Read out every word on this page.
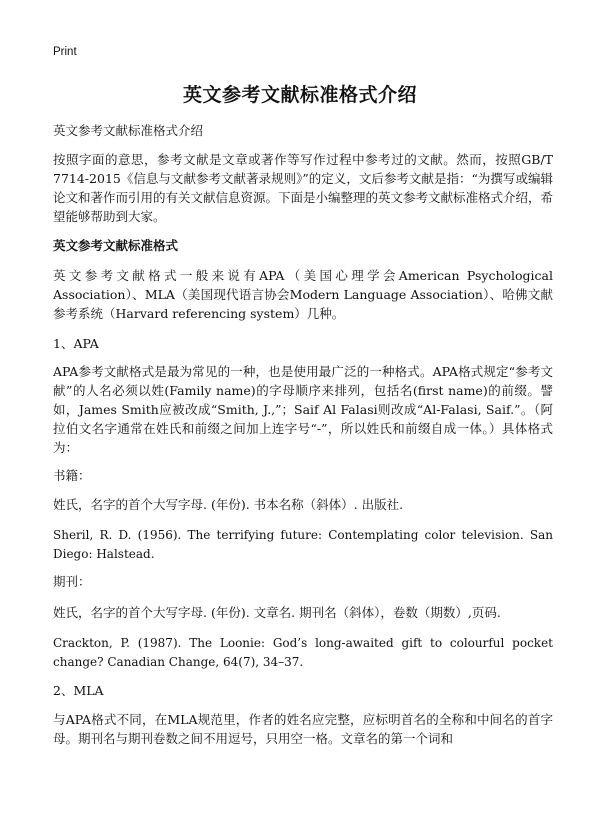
Print
英文参考文献标准格式介绍

英文参考文献标准格式介绍

按照字面的意思，参考文献是文章或著作等写作过程中参考过的文献。然而，按照GB/T 7714-2015《信息与文献参考文献著录规则》”的定义，文后参考文献是指：“为撰写或编辑论文和著作而引用的有关文献信息资源。下面是小编整理的英文参考文献标准格式介绍，希望能够帮助到大家。

英文参考文献标准格式

英文参考文献格式一般来说有APA（美国心理学会American Psychological Association）、MLA（美国现代语言协会Modern Language Association）、哈佛文献参考系统（Harvard referencing system）几种。

1、APA

APA参考文献格式是最为常见的一种，也是使用最广泛的一种格式。APA格式规定“参考文献”的人名必须以姓(Family name)的字母顺序来排列，包括名(first name)的前缀。譬如，James Smith应被改成“Smith, J.,”；Saif Al Falasi则改成“Al-Falasi, Saif.”。（阿拉伯文名字通常在姓氏和前缀之间加上连字号“-”，所以姓氏和前缀自成一体。）具体格式为：

书籍：

姓氏，名字的首个大写字母. (年份). 书本名称（斜体）. 出版社.

Sheril, R. D. (1956). The terrifying future: Contemplating color television. San Diego: Halstead.

期刊：

姓氏，名字的首个大写字母. (年份). 文章名. 期刊名（斜体），卷数（期数）,页码.

Crackton, P. (1987). The Loonie: God’s long-awaited gift to colourful pocket change? Canadian Change, 64(7), 34–37.

2、MLA

与APA格式不同，在MLA规范里，作者的姓名应完整，应标明首名的全称和中间名的首字母。期刊名与期刊卷数之间不用逗号，只用空一格。文章名的第一个词和
